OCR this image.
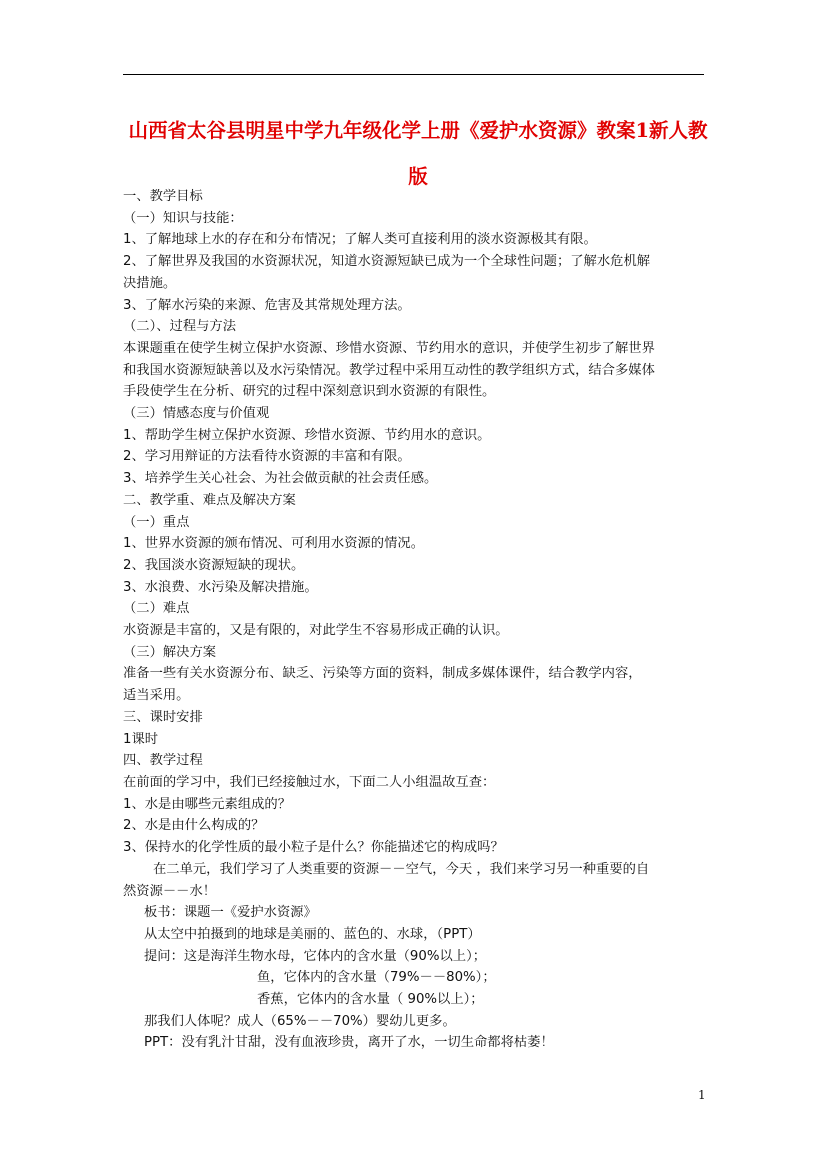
山西省太谷县明星中学九年级化学上册《爱护水资源》教案1新人教
版
一、教学目标
（一）知识与技能：
1、了解地球上水的存在和分布情况；了解人类可直接利用的淡水资源极其有限。
2、了解世界及我国的水资源状况，知道水资源短缺已成为一个全球性问题；了解水危机解
决措施。
3、了解水污染的来源、危害及其常规处理方法。
（二）、过程与方法
本课题重在使学生树立保护水资源、珍惜水资源、节约用水的意识，并使学生初步了解世界
和我国水资源短缺善以及水污染情况。教学过程中采用互动性的教学组织方式，结合多媒体
手段使学生在分析、研究的过程中深刻意识到水资源的有限性。
（三）情感态度与价值观
1、帮助学生树立保护水资源、珍惜水资源、节约用水的意识。
2、学习用辩证的方法看待水资源的丰富和有限。
3、培养学生关心社会、为社会做贡献的社会责任感。
二、教学重、难点及解决方案
（一）重点
1、世界水资源的颁布情况、可利用水资源的情况。
2、我国淡水资源短缺的现状。
3、水浪费、水污染及解决措施。
（二）难点
水资源是丰富的，又是有限的，对此学生不容易形成正确的认识。
（三）解决方案
准备一些有关水资源分布、缺乏、污染等方面的资料，制成多媒体课件，结合教学内容，
适当采用。
三、课时安排
1课时
四、教学过程
在前面的学习中，我们已经接触过水，下面二人小组温故互查：
1、水是由哪些元素组成的？
2、水是由什么构成的？
3、保持水的化学性质的最小粒子是什么？你能描述它的构成吗？
在二单元，我们学习了人类重要的资源－－空气，今天 ，我们来学习另一种重要的自
然资源－－水！
板书：课题一《爱护水资源》
从太空中拍摄到的地球是美丽的、蓝色的、水球，（PPT）
提问：这是海洋生物水母，它体内的含水量（90%以上）；
鱼，它体内的含水量（79%－－80%）；
香蕉，它体内的含水量（ 90%以上）；
那我们人体呢？成人（65%－－70%）婴幼儿更多。
PPT：没有乳汁甘甜，没有血液珍贵，离开了水，一切生命都将枯萎！
1
